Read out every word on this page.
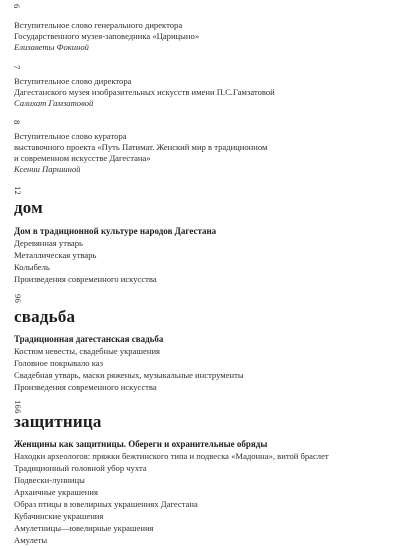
6
Вступительное слово генерального директора
Государственного музея-заповедника «Царицыно»
Елизаветы Фокиной
7
Вступительное слово директора
Дагестанского музея изобразительных искусств имени П.С.Гамзатовой
Салихат Гамзатовой
8
Вступительное слово куратора
выставочного проекта «Путь Патимат. Женский мир в традиционном
и современном искусстве Дагестана»
Ксении Паршиной
12
дом
Дом в традиционной культуре народов Дагестана
Деревянная утварь
Металлическая утварь
Колыбель
Произведения современного искусства
96
свадьба
Традиционная дагестанская свадьба
Костюм невесты, свадебные украшения
Головное покрывало каз
Свадебная утварь, маски ряженых, музыкальные инструменты
Произведения современного искусства
166
защитница
Женщины как защитницы. Обереги и охранительные обряды
Находки археологов: пряжки бежтинского типа и подвеска «Мадонна», витой браслет
Традиционный головной убор чухта
Подвески-лунницы
Архаичные украшения
Образ птицы в ювелирных украшениях Дагестана
Кубачинские украшения
Амулетницы—ювелирные украшения
Амулеты
